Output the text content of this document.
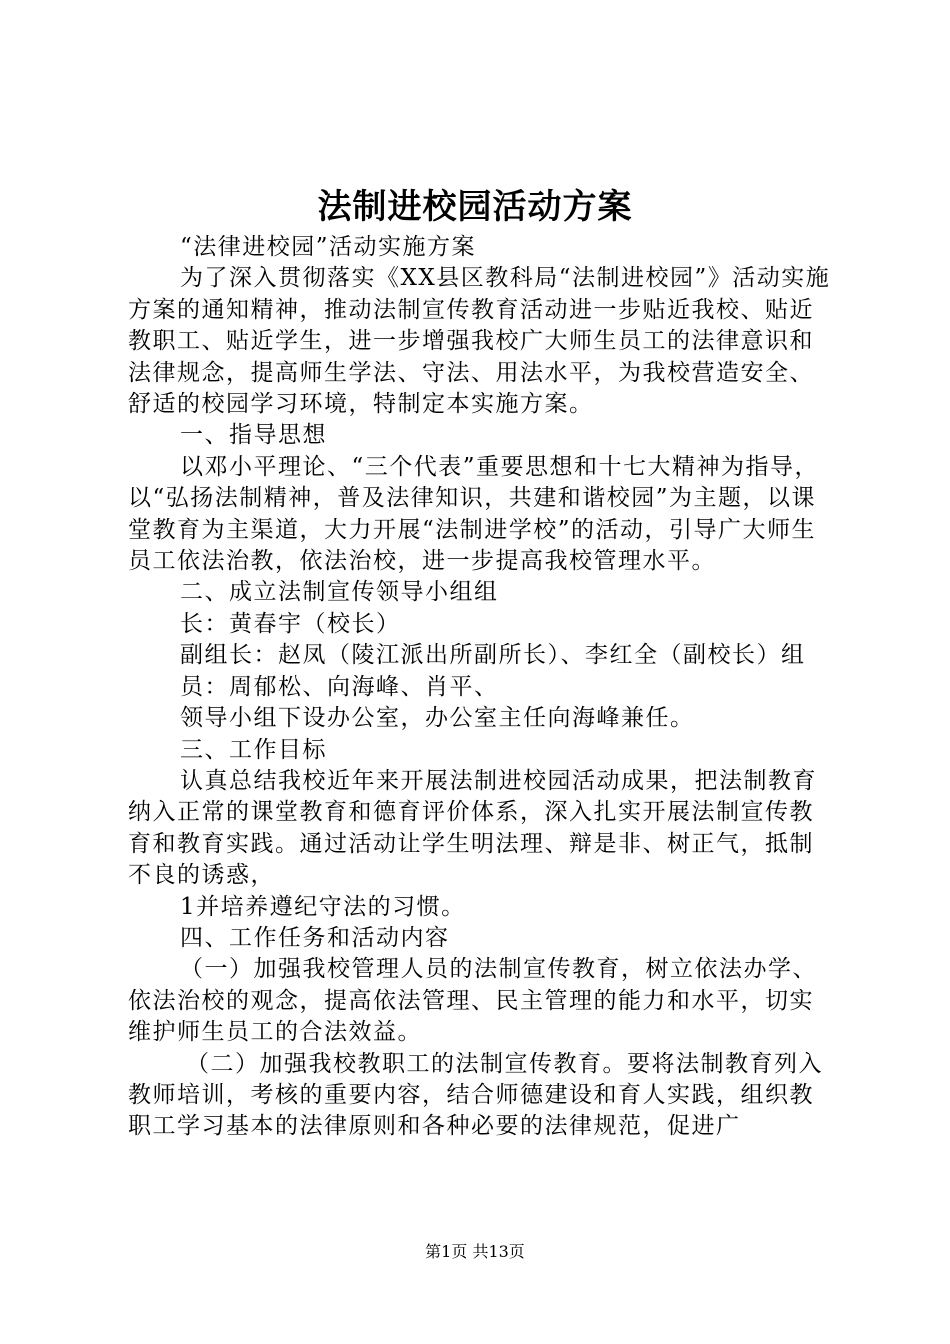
法制进校园活动方案

“法律进校园”活动实施方案

为了深入贯彻落实《XX县区教科局“法制进校园”》活动实施方案的通知精神，推动法制宣传教育活动进一步贴近我校、贴近教职工、贴近学生，进一步增强我校广大师生员工的法律意识和法律规念，提高师生学法、守法、用法水平，为我校营造安全、舒适的校园学习环境，特制定本实施方案。

一、指导思想

以邓小平理论、“三个代表”重要思想和十七大精神为指导，以“弘扬法制精神，普及法律知识，共建和谐校园”为主题，以课堂教育为主渠道，大力开展“法制进学校”的活动，引导广大师生员工依法治教，依法治校，进一步提高我校管理水平。

二、成立法制宣传领导小组组

长：黄春宇（校长）

副组长：赵凤（陵江派出所副所长）、李红全（副校长）组

员：周郁松、向海峰、肖平、

领导小组下设办公室，办公室主任向海峰兼任。

三、工作目标

认真总结我校近年来开展法制进校园活动成果，把法制教育纳入正常的课堂教育和德育评价体系，深入扎实开展法制宣传教育和教育实践。通过活动让学生明法理、辩是非、树正气，抵制不良的诱惑，

1并培养遵纪守法的习惯。

四、工作任务和活动内容

（一）加强我校管理人员的法制宣传教育，树立依法办学、依法治校的观念，提高依法管理、民主管理的能力和水平，切实维护师生员工的合法效益。

（二）加强我校教职工的法制宣传教育。要将法制教育列入教师培训，考核的重要内容，结合师德建设和育人实践，组织教职工学习基本的法律原则和各种必要的法律规范，促进广

第1页 共13页
